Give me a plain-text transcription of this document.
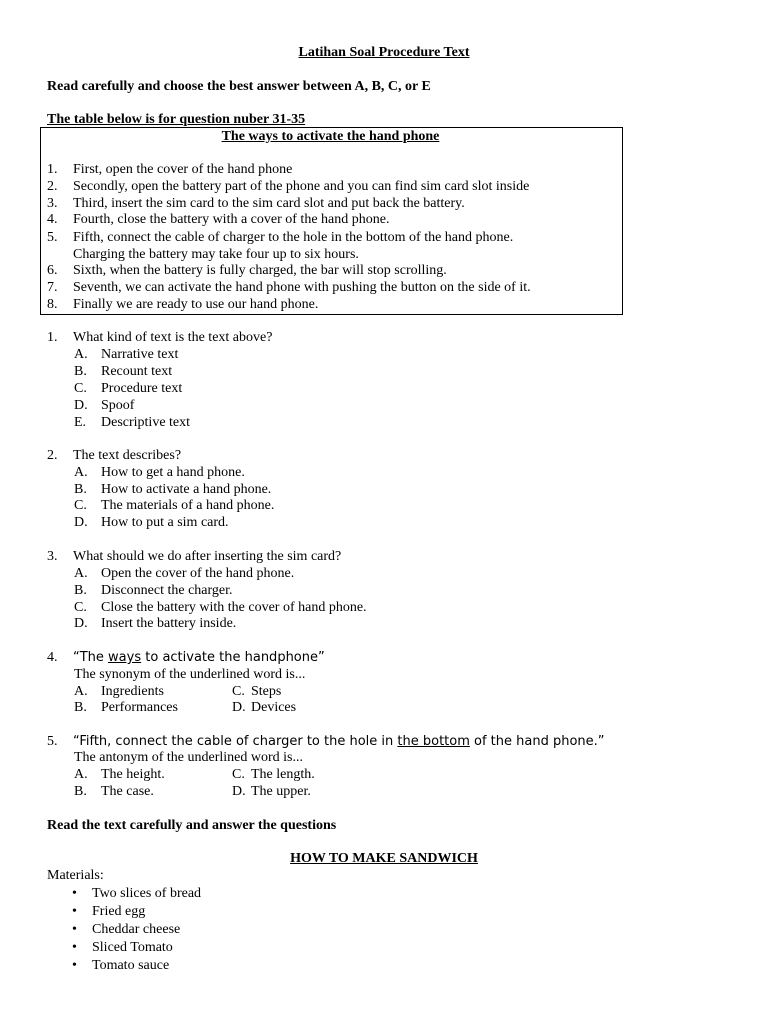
Latihan Soal Procedure Text
Read carefully and choose the best answer between A, B, C, or E
The table below is for question nuber 31-35
The ways to activate the hand phone
1. First, open the cover of the hand phone
2. Secondly, open the battery part of the phone and you can find sim card slot inside
3. Third, insert the sim card to the sim card slot and put back the battery.
4. Fourth, close the battery with a cover of the hand phone.
5. Fifth, connect the cable of charger to the hole in the bottom of the hand phone.
Charging the battery may take four up to six hours.
6. Sixth, when the battery is fully charged, the bar will stop scrolling.
7. Seventh, we can activate the hand phone with pushing the button on the side of it.
8. Finally we are ready to use our hand phone.
1. What kind of text is the text above?
A. Narrative text
B. Recount text
C. Procedure text
D. Spoof
E. Descriptive text
2. The text describes?
A. How to get a hand phone.
B. How to activate a hand phone.
C. The materials of a hand phone.
D. How to put a sim card.
3. What should we do after inserting the sim card?
A. Open the cover of the hand phone.
B. Disconnect the charger.
C. Close the battery with the cover of hand phone.
D. Insert the battery inside.
4. “The ways to activate the handphone”
The synonym of the underlined word is...
A. Ingredients	C. Steps
B. Performances	D. Devices
5. “Fifth, connect the cable of charger to the hole in the bottom of the hand phone.”
The antonym of the underlined word is...
A. The height.	C. The length.
B. The case.	D. The upper.
Read the text carefully and answer the questions
HOW TO MAKE SANDWICH
Materials:
• Two slices of bread
• Fried egg
• Cheddar cheese
• Sliced Tomato
• Tomato sauce
